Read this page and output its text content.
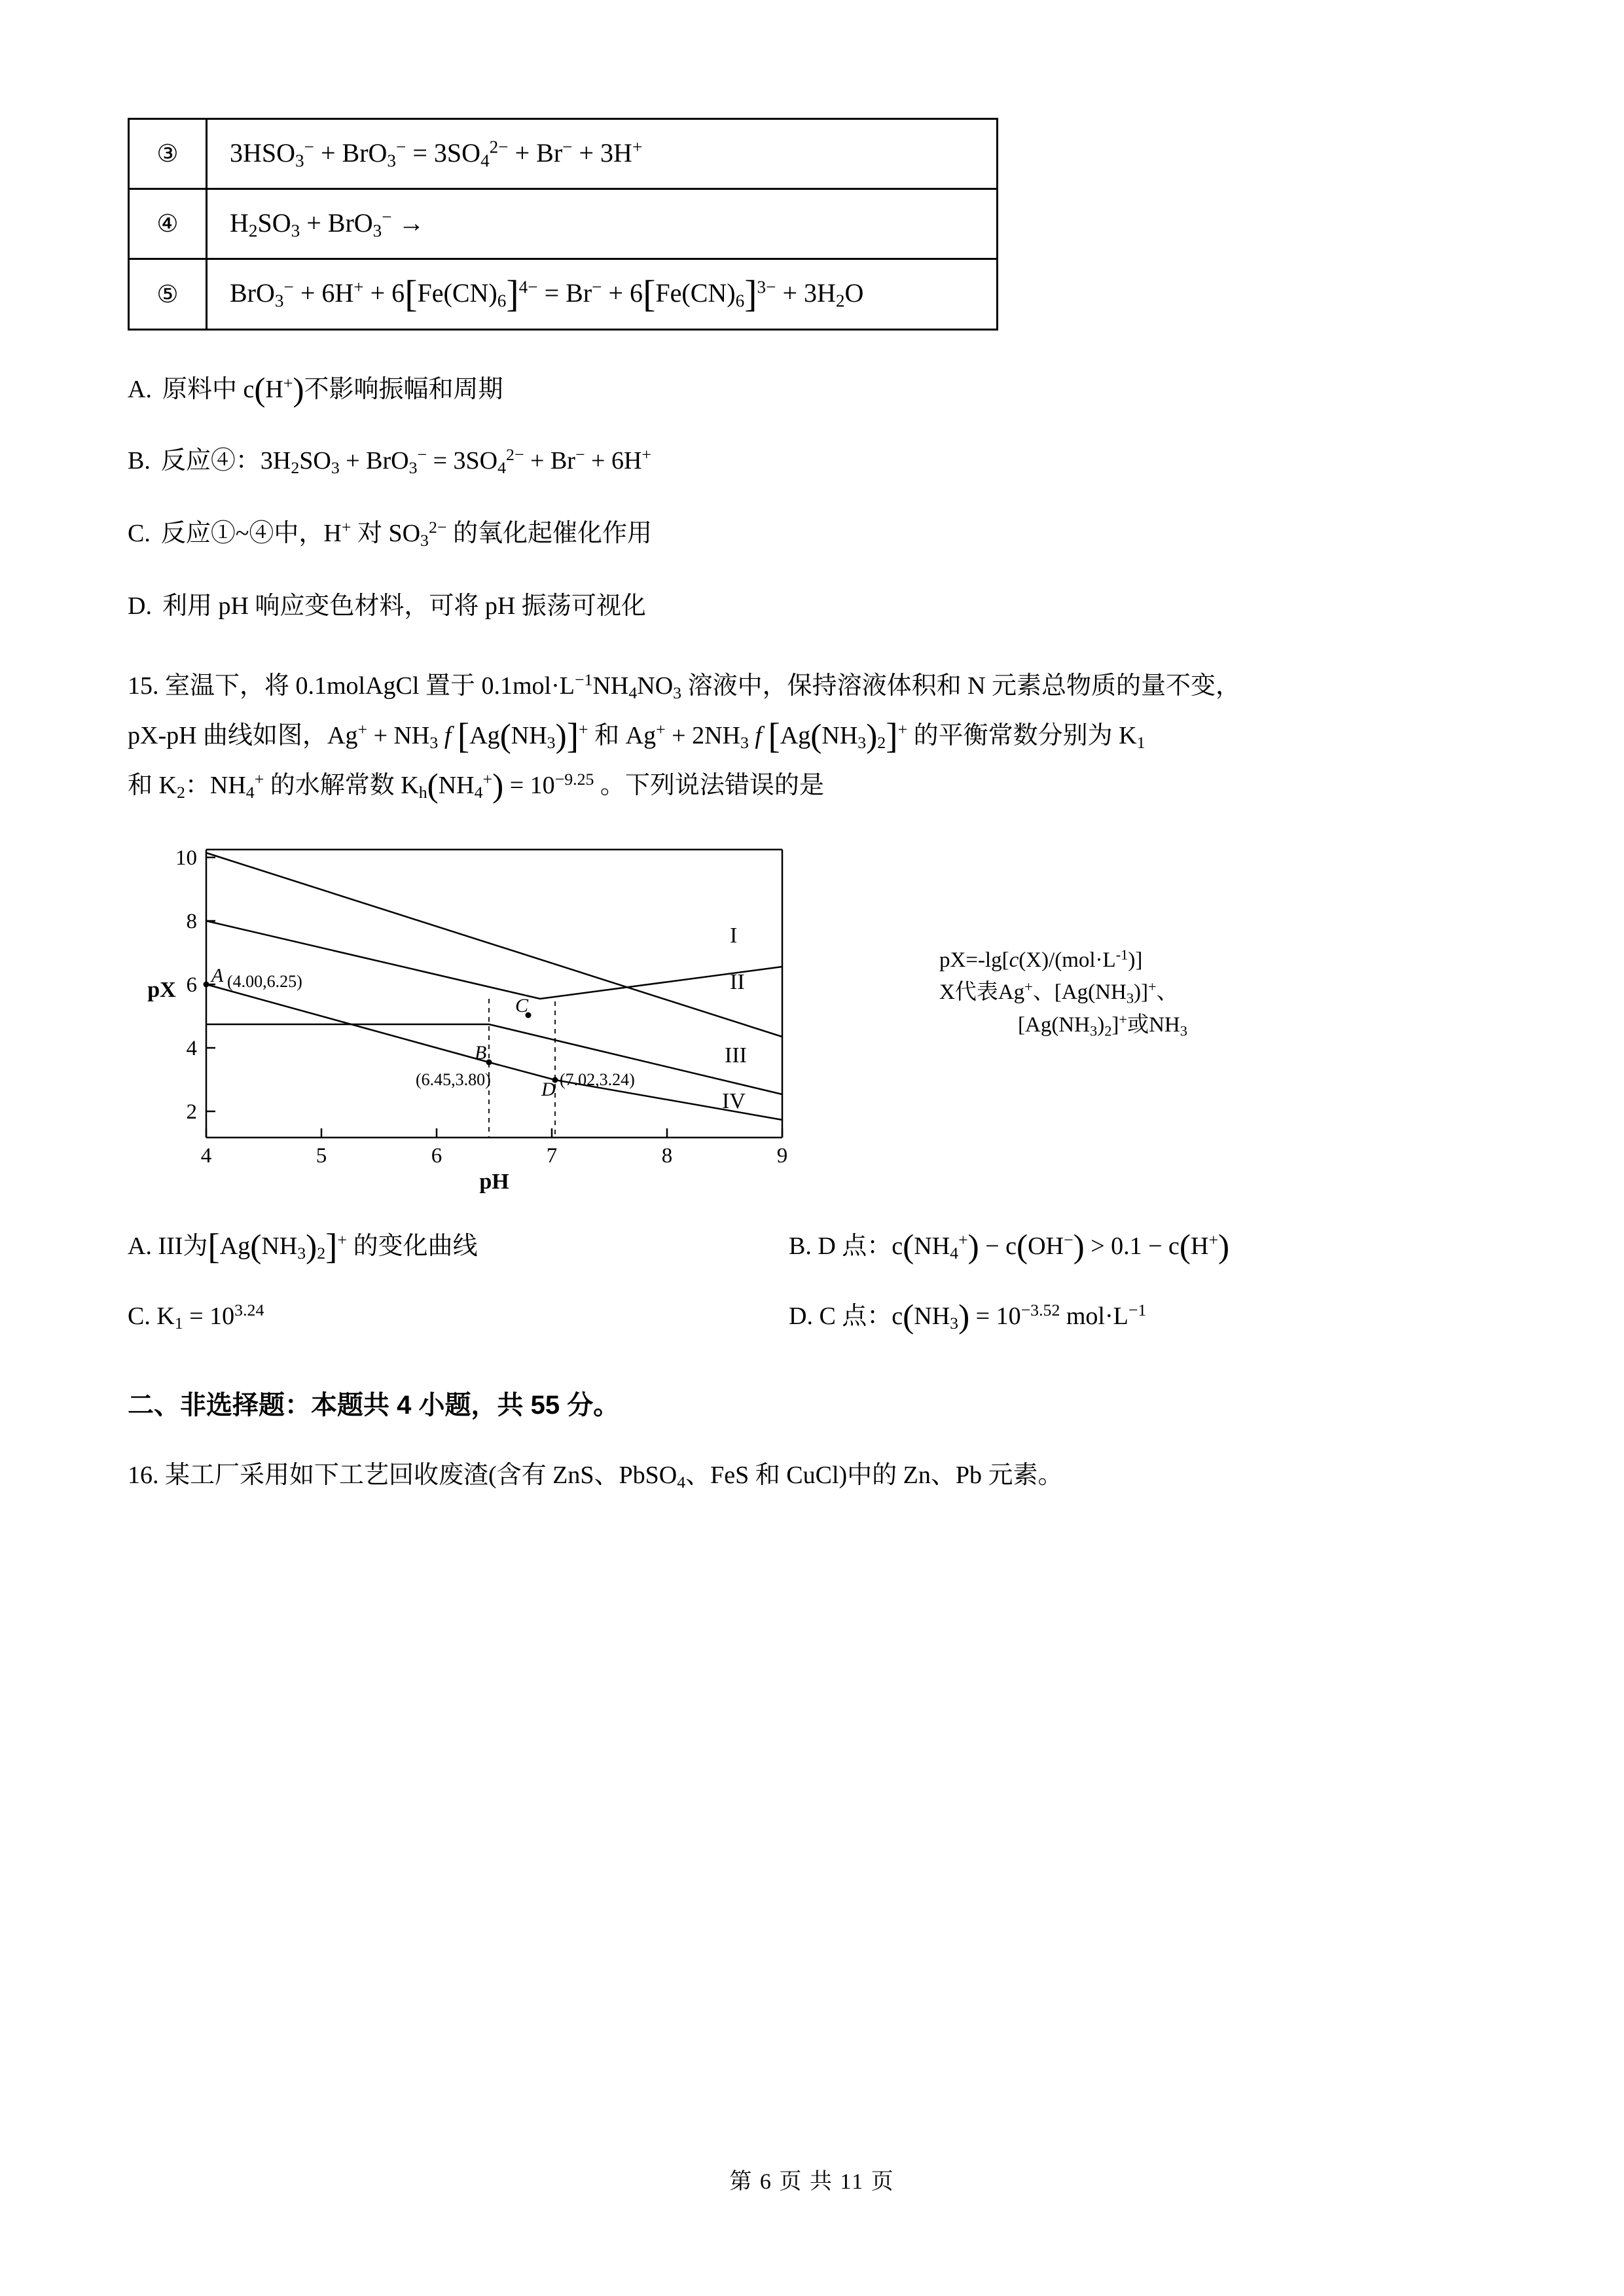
③	$3HSO_3^- + BrO_3^- = 3SO_4^{2-} + Br^- + 3H^+$
④	$H_2SO_3 + BrO_3^-$ →
⑤	$BrO_3^- + 6H^+ + 6[Fe(CN)_6]^{4-} = Br^- + 6[Fe(CN)_6]^{3-} + 3H_2O$
A. 原料中 c(H+)不影响振幅和周期
B. 反应④：$3H_2SO_3 + BrO_3^- = 3SO_4^{2-} + Br^- + 6H^+$
C. 反应①~④中，H+ 对 $SO_3^{2-}$ 的氧化起催化作用
D. 利用 pH 响应变色材料，可将 pH 振荡可视化
15. 室温下，将 0.1molAgCl 置于 $0.1mol\cdot L^{-1}NH_4NO_3$ 溶液中，保持溶液体积和 N 元素总物质的量不变，
pX-pH 曲线如图，$Ag^+ + NH_3$ f $[Ag(NH_3)]^+$ 和 $Ag^+ + 2NH_3$ f $[Ag(NH_3)_2]^+$ 的平衡常数分别为 $K_1$
和 $K_2$：$NH_4^+$ 的水解常数 $K_h(NH_4^+) = 10^{-9.25}$ 。下列说法错误的是
10
8
6
4
2
4	5	6	7	8	9
pH
pX
A
B
C
D
(4.00,6.25)
(6.45,3.80)	(7.02,3.24)
I
II
III
IV
$pX=-\lg[c(X)/(mol\cdot L^{-1})]$
X代表Ag+、$[Ag(NH_3)]^+$、
$[Ag(NH_3)_2]^+$或$NH_3$
A. III为$[Ag(NH_3)_2]^+$ 的变化曲线	B. D 点：$c(NH_4^+) - c(OH^-) > 0.1 - c(H^+)$
C. $K_1 = 10^{3.24}$	D. C 点：$c(NH_3) = 10^{-3.52}$ $mol\cdot L^{-1}$
二、非选择题：本题共 4 小题，共 55 分。
16. 某工厂采用如下工艺回收废渣(含有 ZnS、PbSO$_4$、FeS 和 CuCl)中的 Zn、Pb 元素。
第 6 页 共 11 页
